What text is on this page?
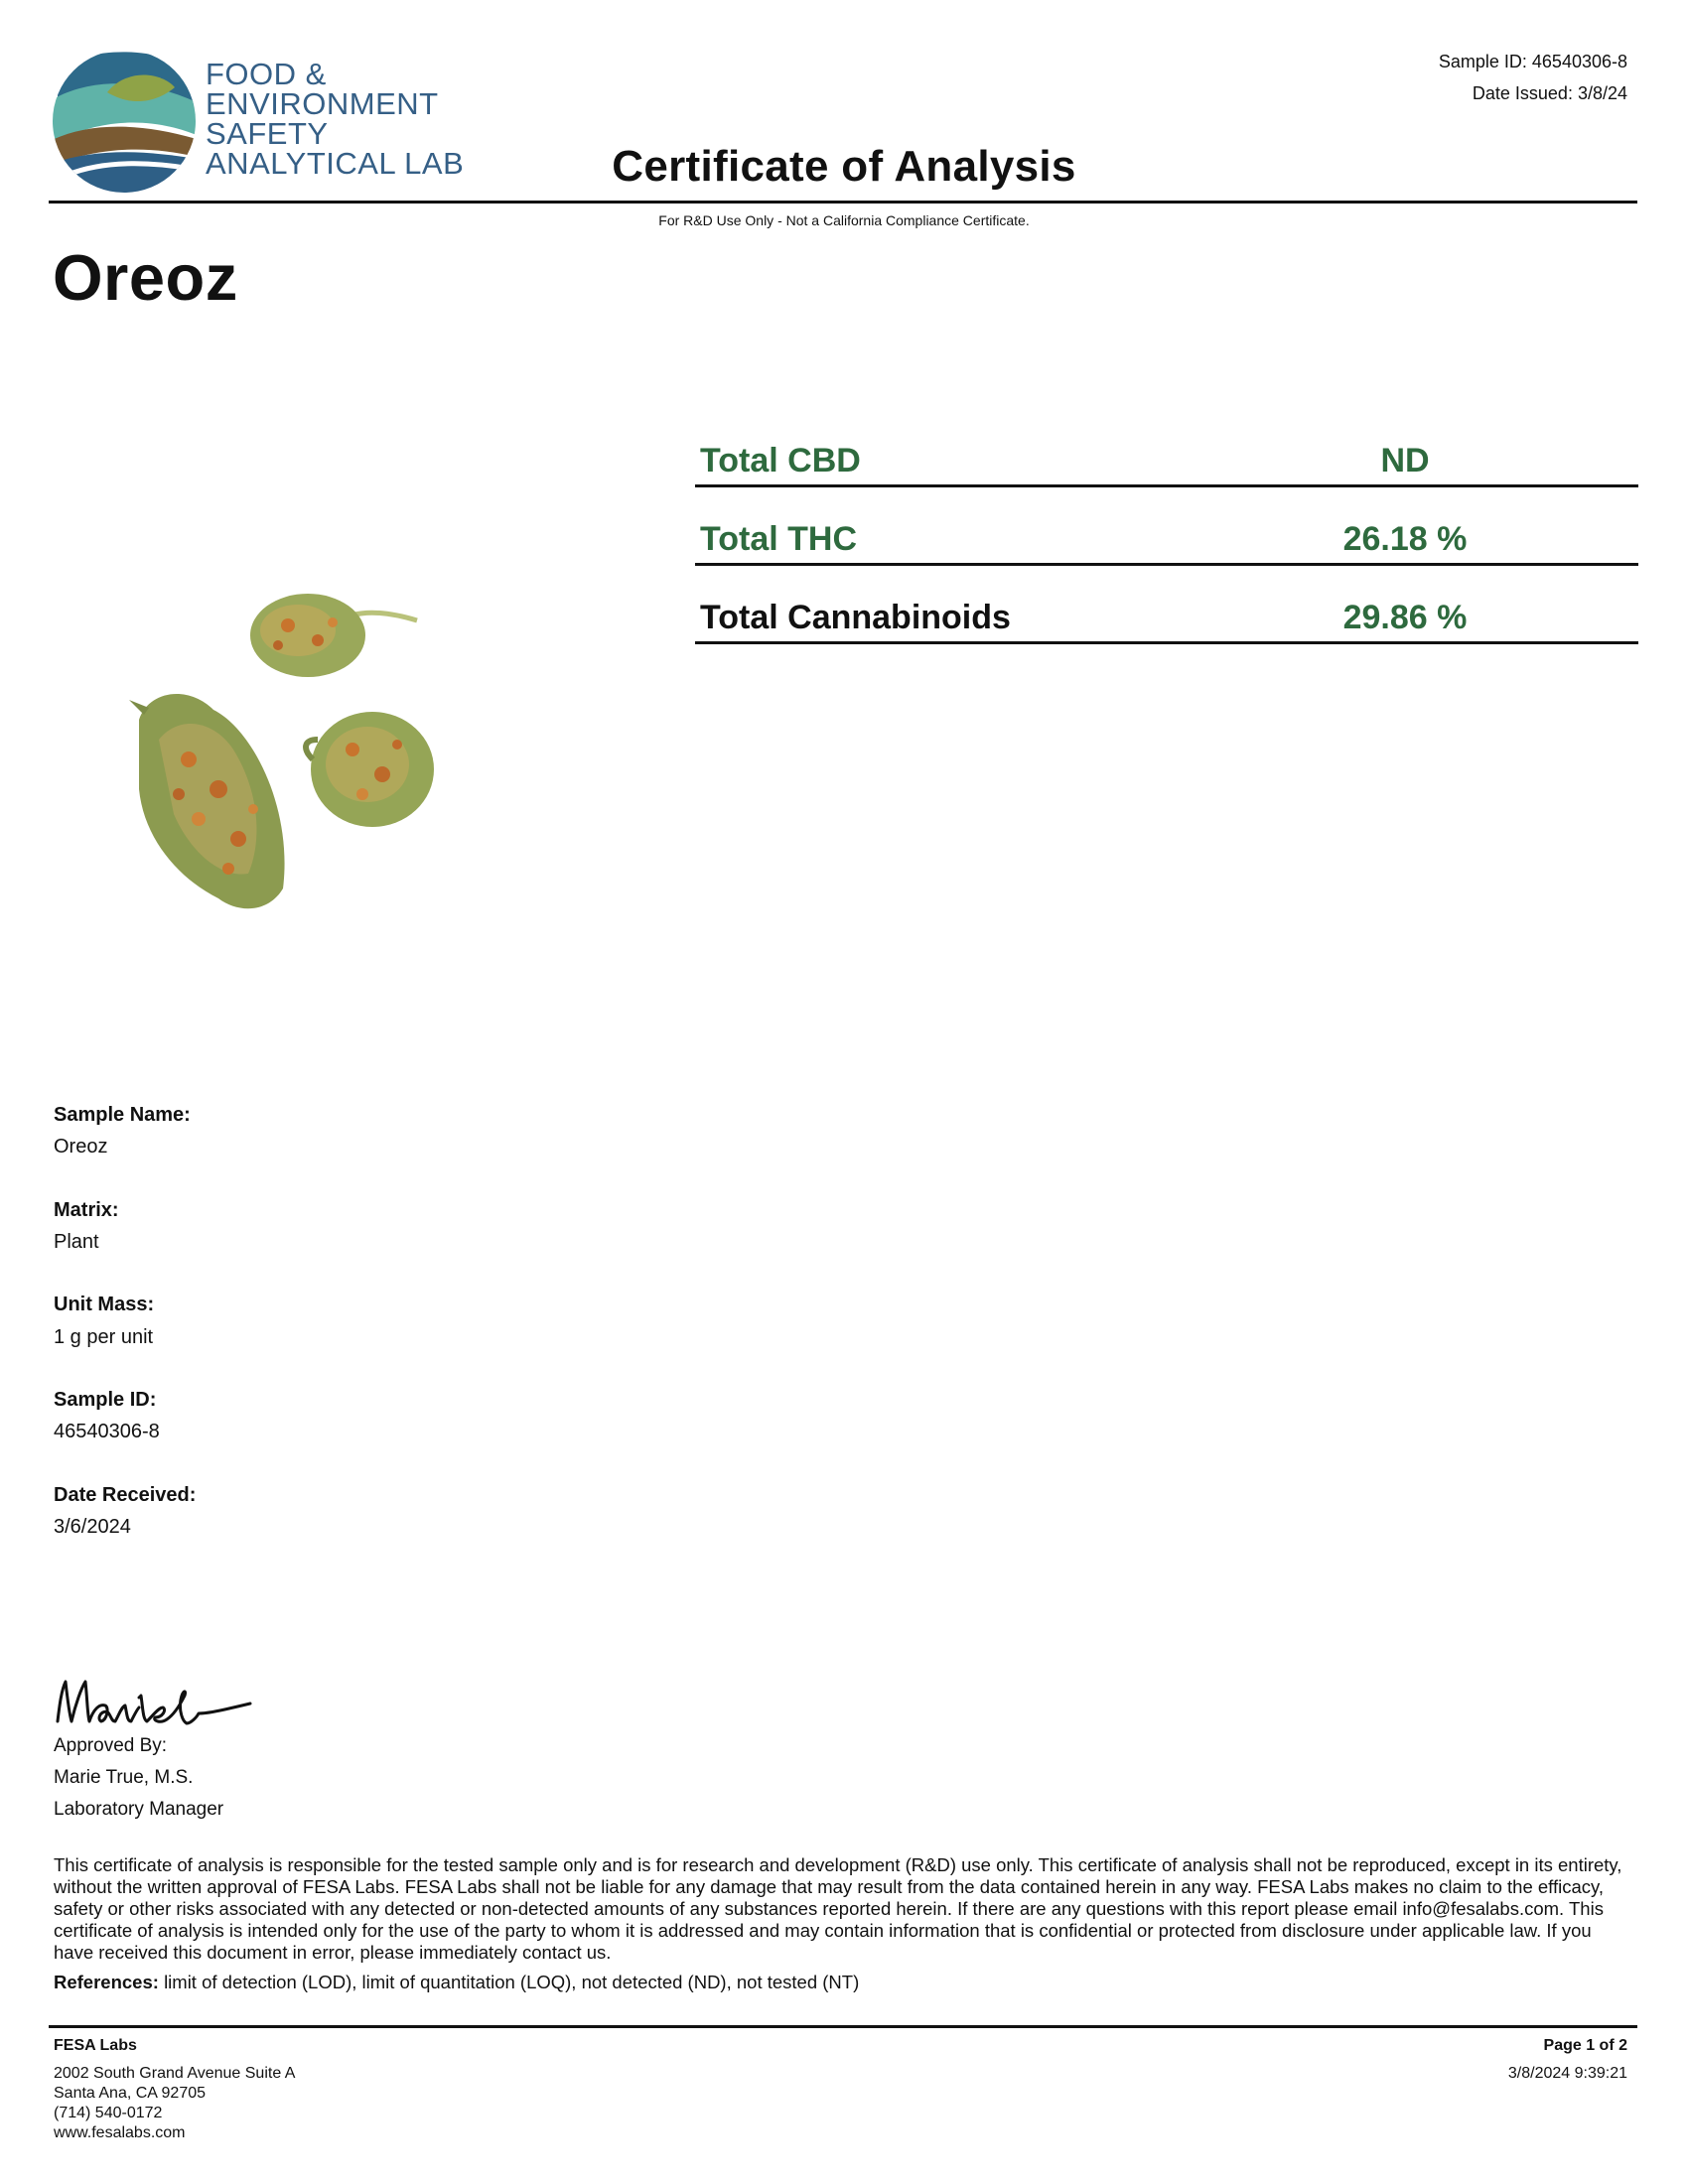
FOOD &
ENVIRONMENT
SAFETY
ANALYTICAL LAB
Sample ID: 46540306-8
Date Issued: 3/8/24
Certificate of Analysis
For R&D Use Only - Not a California Compliance Certificate.
Oreoz
Total CBD	ND
Total THC	26.18 %
Total Cannabinoids	29.86 %
Sample Name:
Oreoz
Matrix:
Plant
Unit Mass:
1 g per unit
Sample ID:
46540306-8
Date Received:
3/6/2024
Approved By:
Marie True, M.S.
Laboratory Manager
This certificate of analysis is responsible for the tested sample only and is for research and development (R&D) use only. This certificate of analysis shall not be reproduced, except in its entirety, without the written approval of FESA Labs. FESA Labs shall not be liable for any damage that may result from the data contained herein in any way. FESA Labs makes no claim to the efficacy, safety or other risks associated with any detected or non-detected amounts of any substances reported herein. If there are any questions with this report please email info@fesalabs.com. This certificate of analysis is intended only for the use of the party to whom it is addressed and may contain information that is confidential or protected from disclosure under applicable law. If you have received this document in error, please immediately contact us.
References: limit of detection (LOD), limit of quantitation (LOQ), not detected (ND), not tested (NT)
FESA Labs
2002 South Grand Avenue Suite A
Santa Ana, CA 92705
(714) 540-0172
www.fesalabs.com
Page 1 of 2
3/8/2024 9:39:21
